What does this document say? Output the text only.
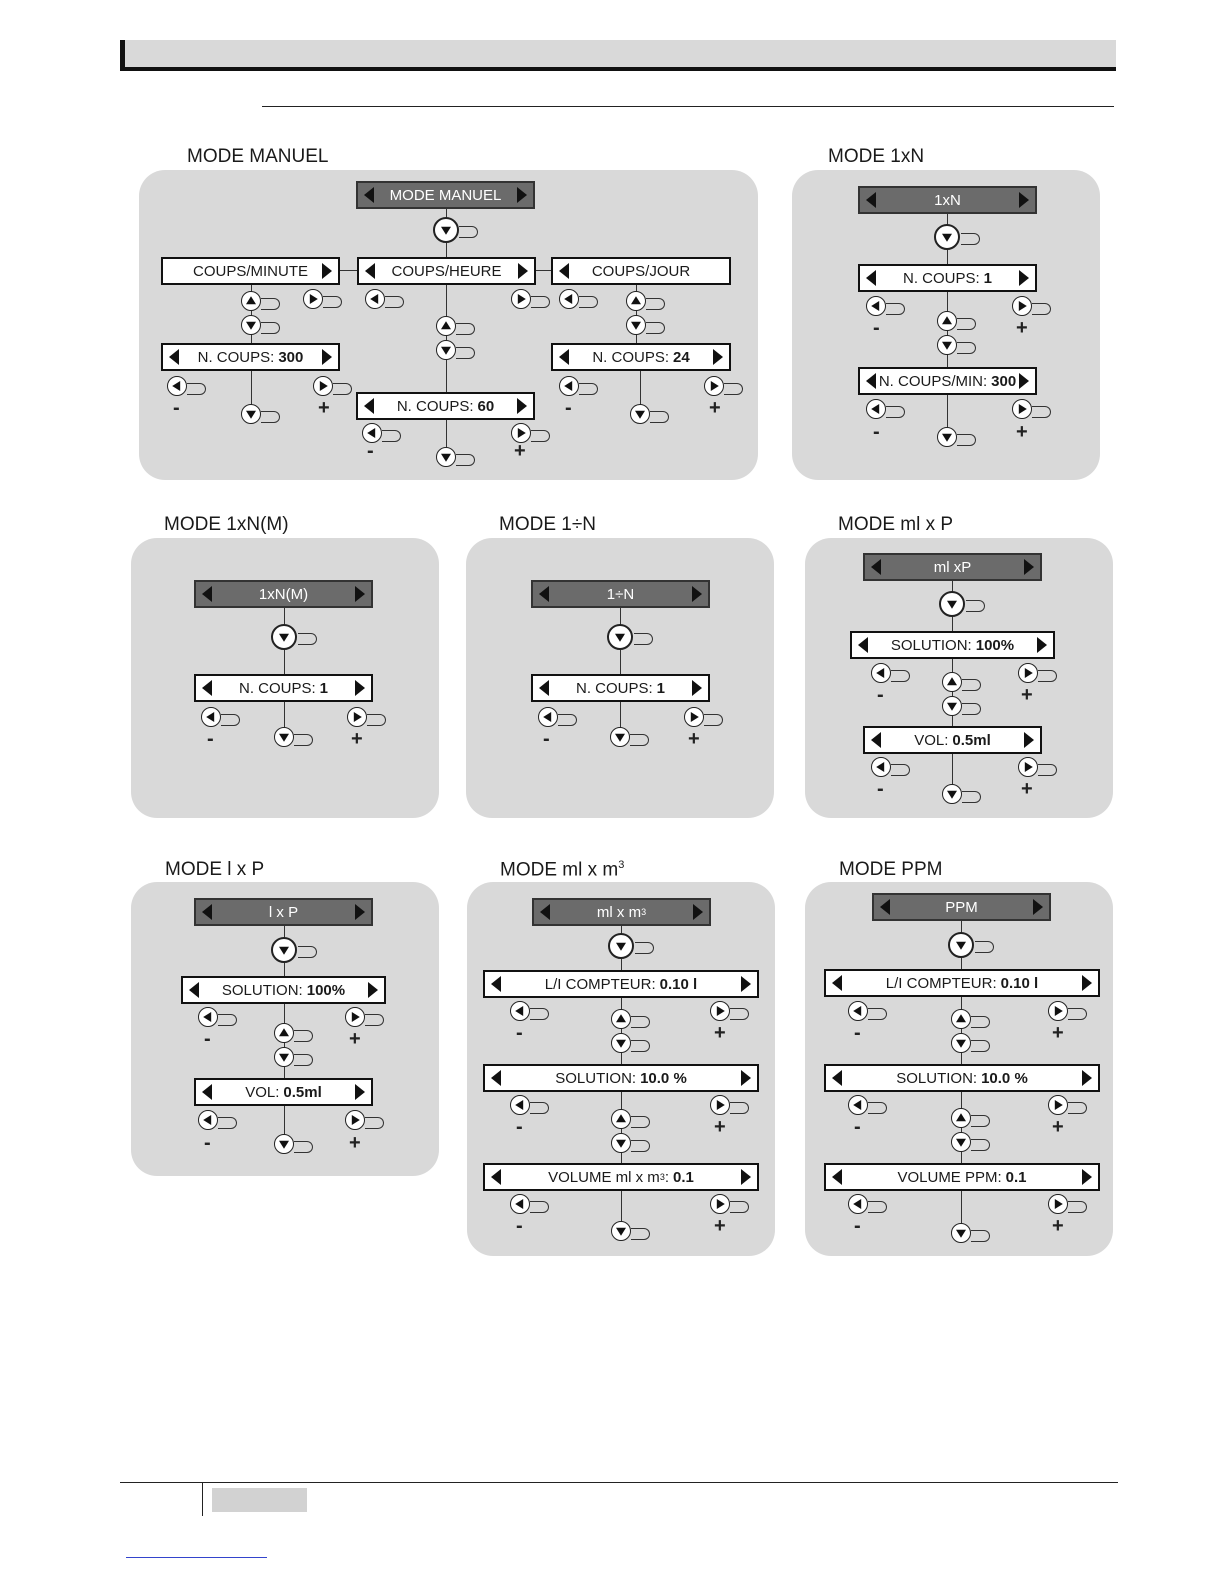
MODE MANUEL
MODE MANUEL
COUPS/MINUTE	COUPS/HEURE	COUPS/JOUR
N. COUPS: 300
-	+	N. COUPS: 60
-	+
N. COUPS: 24
-	+
MODE 1xN
1xN
N. COUPS: 1
-	+
N. COUPS/MIN: 300
-	+
MODE 1xN(M)
1xN(M)
N. COUPS: 1
-	+
MODE 1÷N
1÷N
N. COUPS: 1
-	+
MODE ml x P
ml xP
SOLUTION: 100%
-	+
VOL: 0.5ml
-	+
MODE l x P
l x P
SOLUTION: 100%
-	+
VOL: 0.5ml
-	+
MODE ml x $m^3$
ml x m 3
L/I COMPTEUR: 0.10 l
-	+
SOLUTION: 10.0 %
-	+
VOLUME ml x m 3 : 0.1
-	+
MODE PPM
PPM
L/I COMPTEUR: 0.10 l
-	+
SOLUTION: 10.0 %
-	+
VOLUME PPM: 0.1
-	+
